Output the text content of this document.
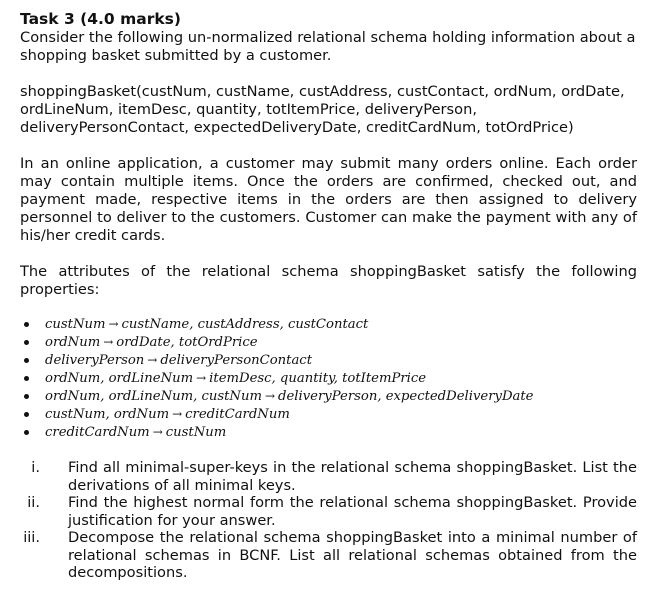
Task 3 (4.0 marks)

Consider the following un-normalized relational schema holding information about a shopping basket submitted by a customer.

shoppingBasket(custNum, custName, custAddress, custContact, ordNum, ordDate, ordLineNum, itemDesc, quantity, totItemPrice, deliveryPerson, deliveryPersonContact, expectedDeliveryDate, creditCardNum, totOrdPrice)

In an online application, a customer may submit many orders online. Each order may contain multiple items. Once the orders are confirmed, checked out, and payment made, respective items in the orders are then assigned to delivery personnel to deliver to the customers. Customer can make the payment with any of his/her credit cards.

The attributes of the relational schema shoppingBasket satisfy the following properties:

custNum → custName, custAddress, custContact
ordNum → ordDate, totOrdPrice
deliveryPerson → deliveryPersonContact
ordNum, ordLineNum → itemDesc, quantity, totItemPrice
ordNum, ordLineNum, custNum → deliveryPerson, expectedDeliveryDate
custNum, ordNum → creditCardNum
creditCardNum → custNum
i. Find all minimal-super-keys in the relational schema shoppingBasket. List the derivations of all minimal keys.
ii. Find the highest normal form the relational schema shoppingBasket. Provide justification for your answer.
iii. Decompose the relational schema shoppingBasket into a minimal number of relational schemas in BCNF. List all relational schemas obtained from the decompositions.
